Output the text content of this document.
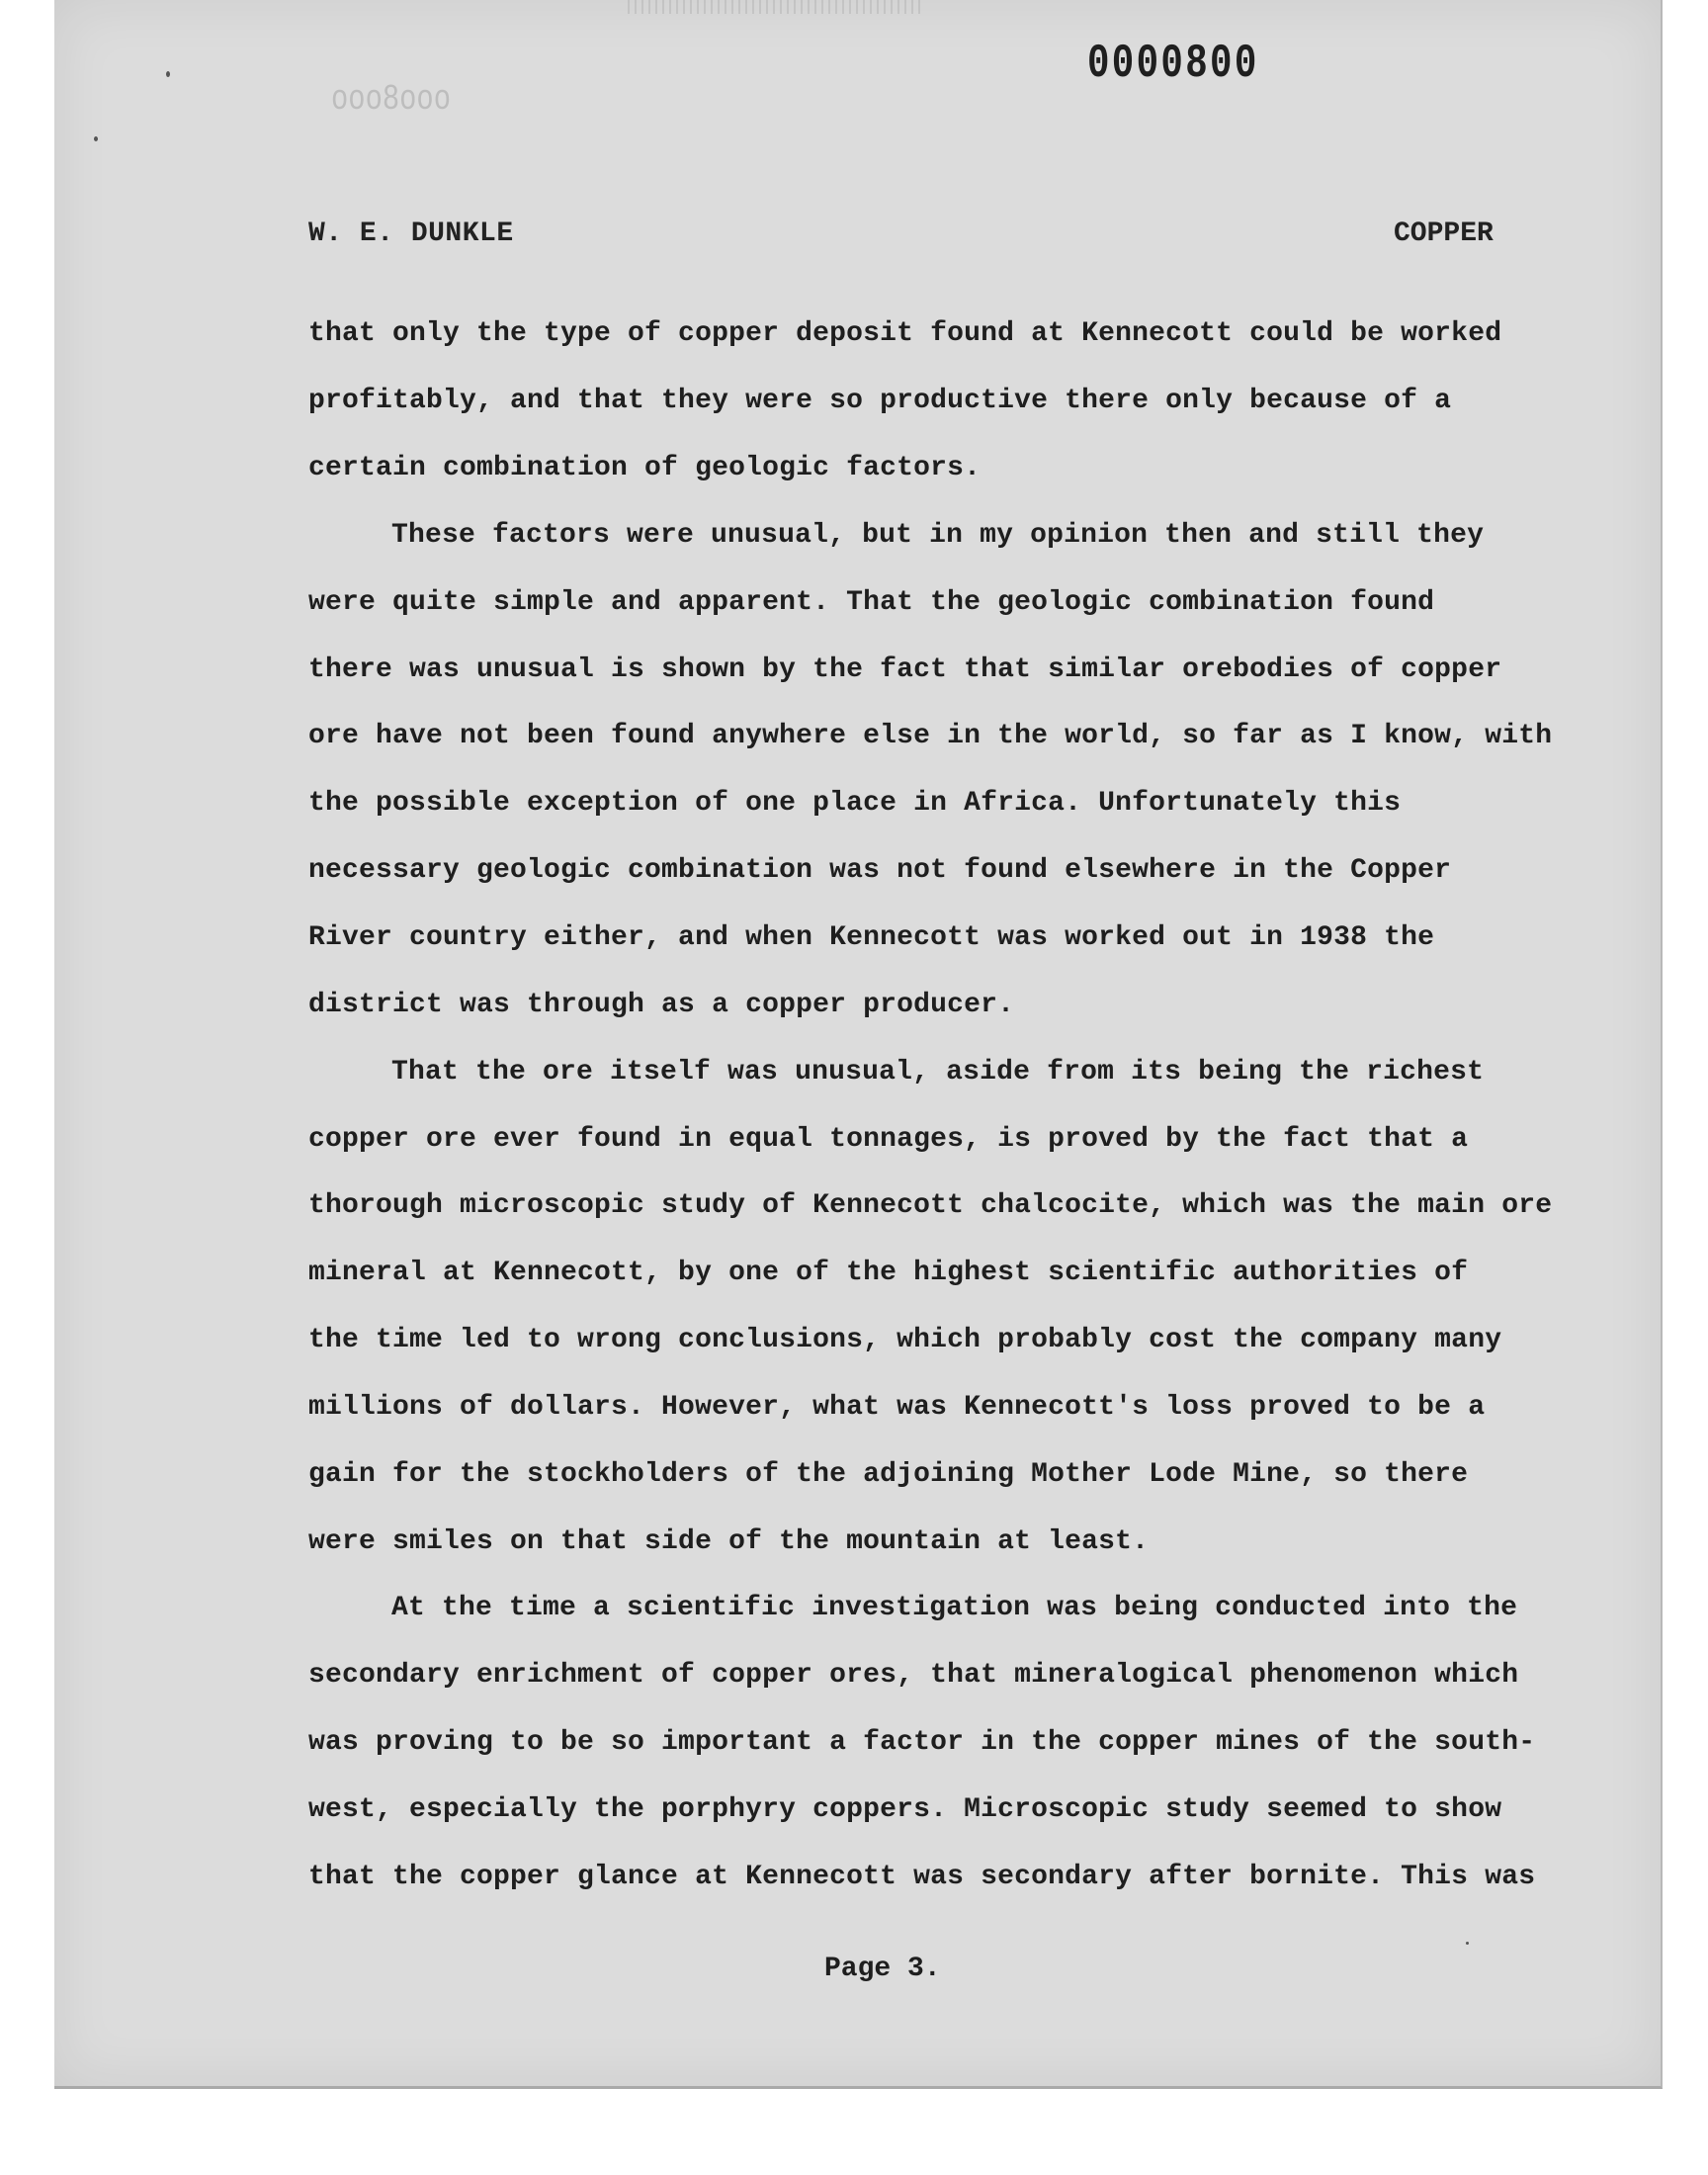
ooo8ooo
0000800
W. E. DUNKLE	COPPER
that only the type of copper deposit found at Kennecott could be worked
profitably, and that they were so productive there only because of a
certain combination of geologic factors.
These factors were unusual, but in my opinion then and still they
were quite simple and apparent. That the geologic combination found
there was unusual is shown by the fact that similar orebodies of copper
ore have not been found anywhere else in the world, so far as I know, with
the possible exception of one place in Africa. Unfortunately this
necessary geologic combination was not found elsewhere in the Copper
River country either, and when Kennecott was worked out in 1938 the
district was through as a copper producer.
That the ore itself was unusual, aside from its being the richest
copper ore ever found in equal tonnages, is proved by the fact that a
thorough microscopic study of Kennecott chalcocite, which was the main ore
mineral at Kennecott, by one of the highest scientific authorities of
the time led to wrong conclusions, which probably cost the company many
millions of dollars. However, what was Kennecott's loss proved to be a
gain for the stockholders of the adjoining Mother Lode Mine, so there
were smiles on that side of the mountain at least.
At the time a scientific investigation was being conducted into the
secondary enrichment of copper ores, that mineralogical phenomenon which
was proving to be so important a factor in the copper mines of the south-
west, especially the porphyry coppers. Microscopic study seemed to show
that the copper glance at Kennecott was secondary after bornite. This was
Page 3.
